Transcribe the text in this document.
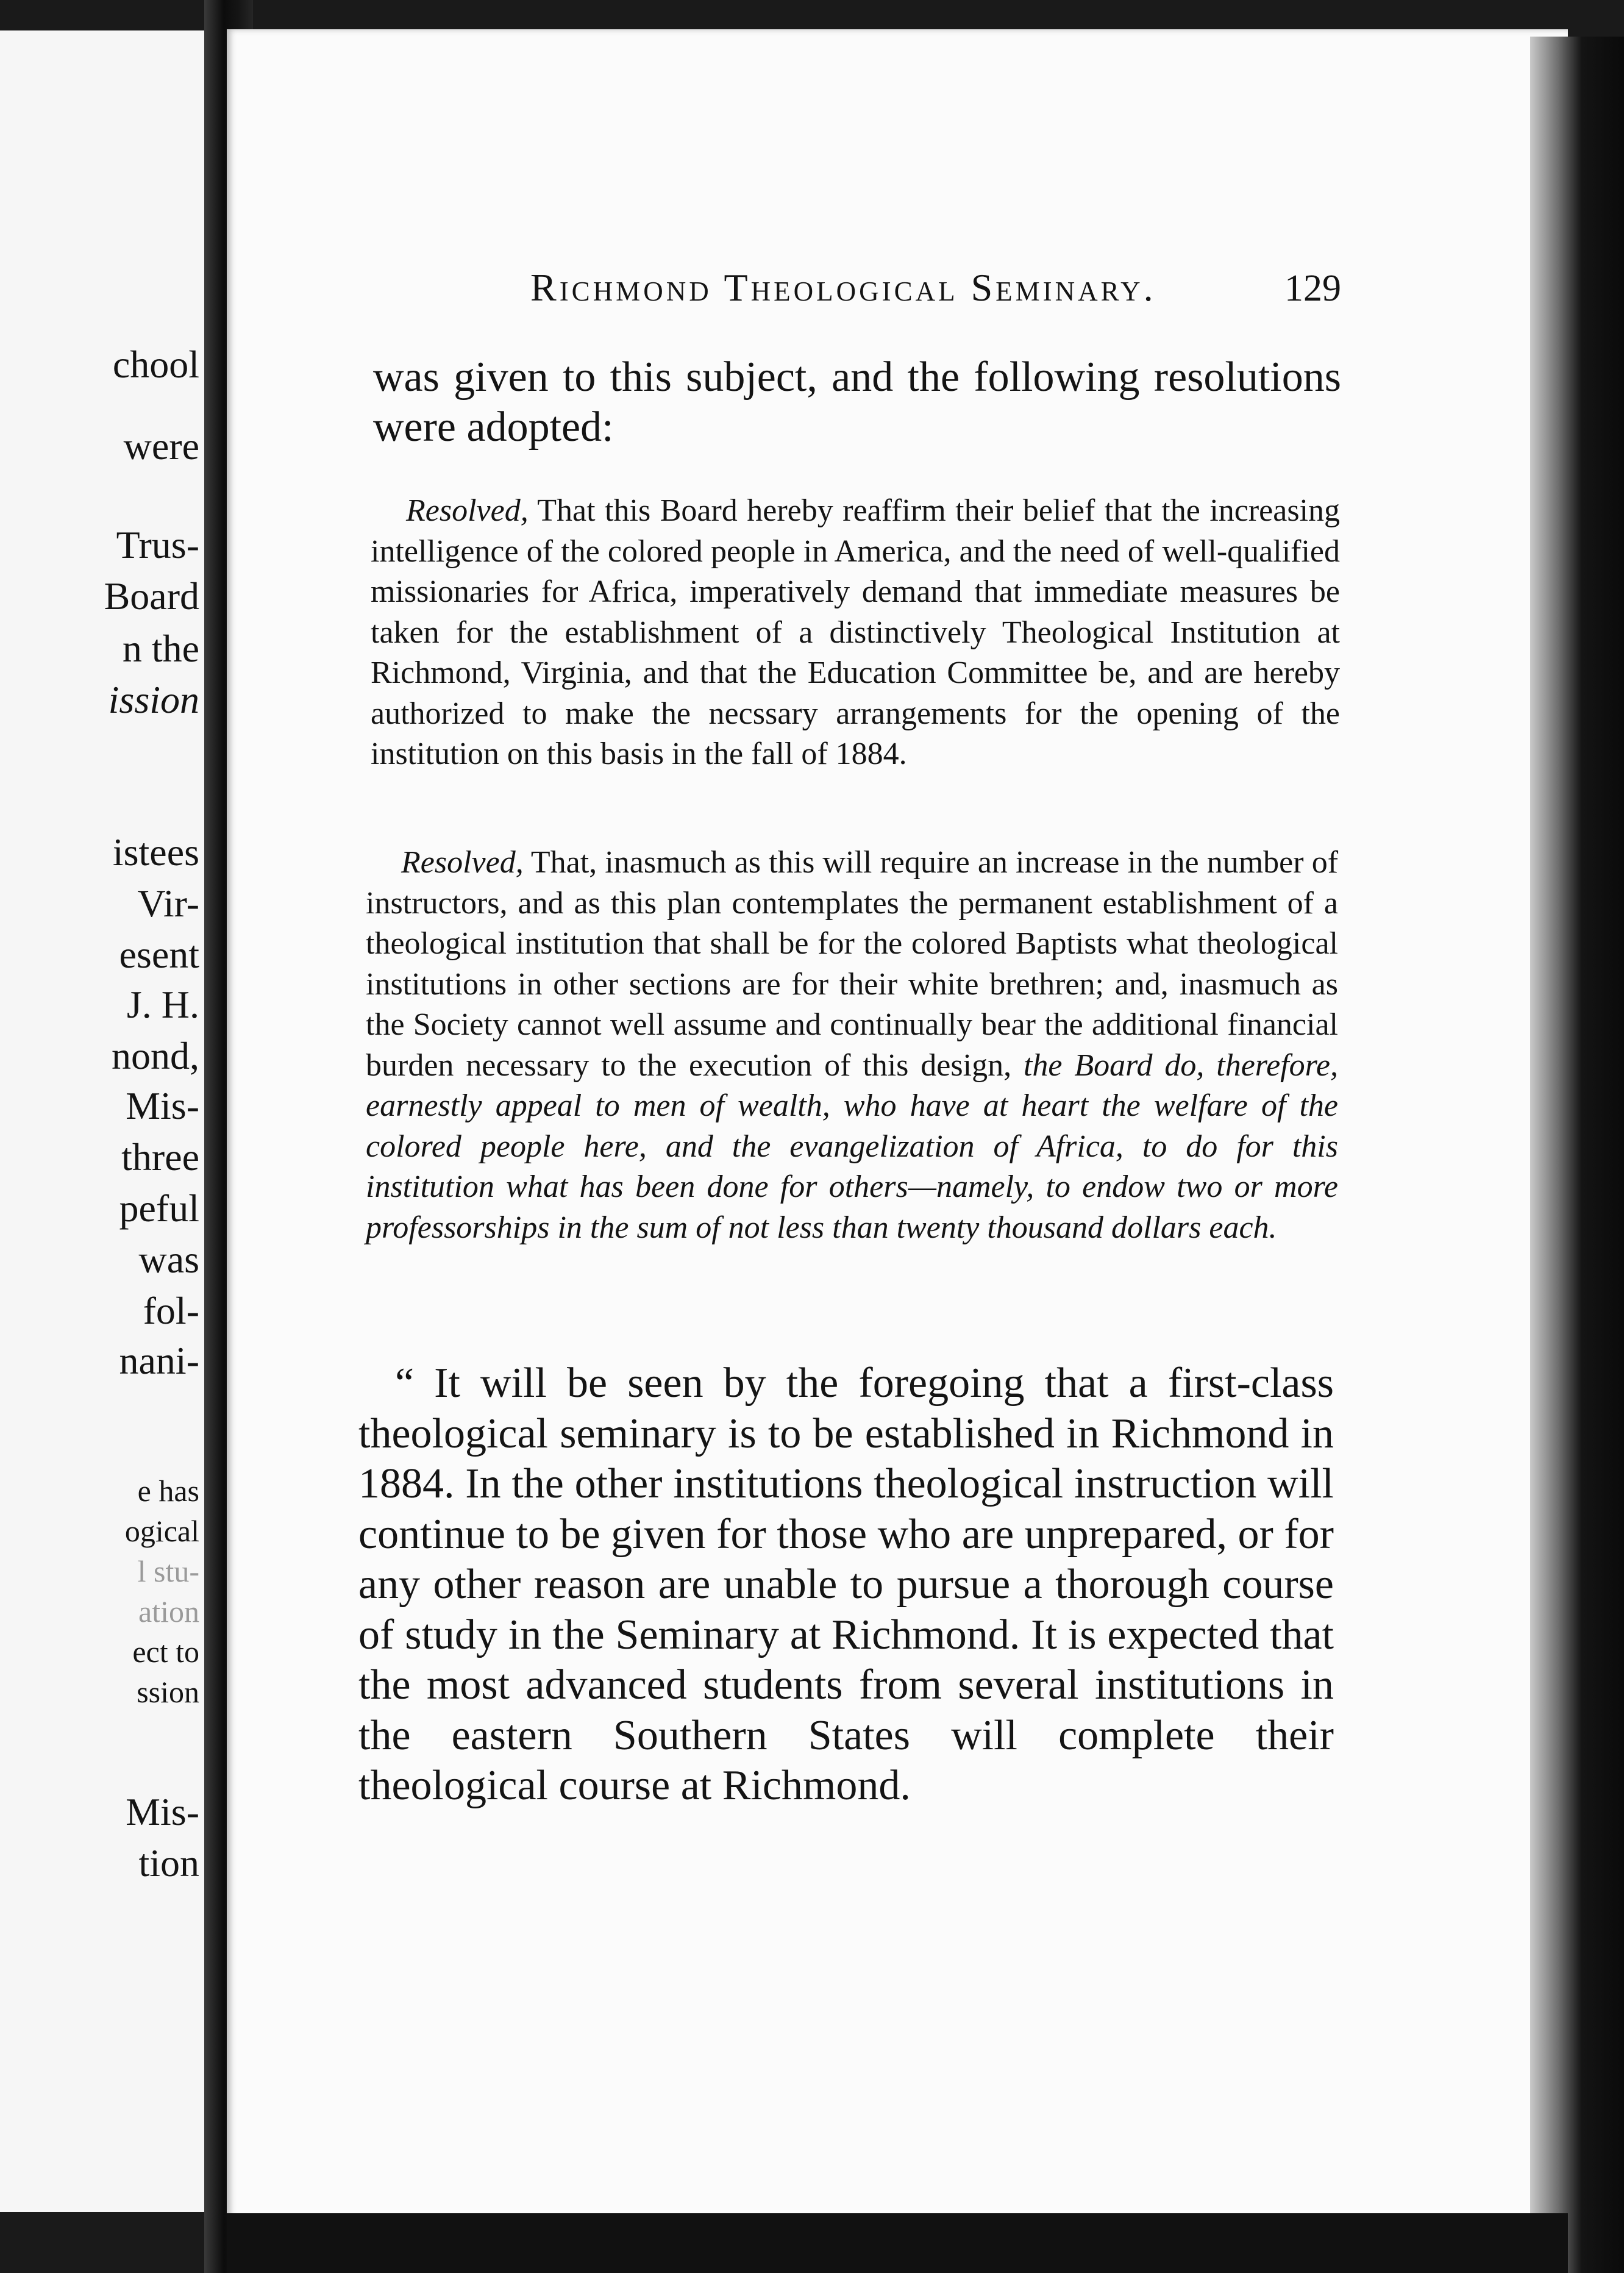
chool

were

Trus-

Board

n the

ission

istees

Vir-

esent

J. H.

nond,

Mis-

three

peful

was

fol-

nani-

e has

ogical

l stu-

ation

ect to

ssion

Mis-

tion

Richmond Theological Seminary.	129

was given to this subject, and the following resolutions were adopted:

Resolved, That this Board hereby reaffirm their belief that the increasing intelligence of the colored people in America, and the need of well-qualified missionaries for Africa, imperatively demand that immediate measures be taken for the establishment of a distinctively Theological Institution at Richmond, Virginia, and that the Education Committee be, and are hereby authorized to make the necssary arrangements for the opening of the institution on this basis in the fall of 1884.

Resolved, That, inasmuch as this will require an increase in the number of instructors, and as this plan contemplates the permanent establishment of a theological institution that shall be for the colored Baptists what theological institutions in other sections are for their white brethren; and, inasmuch as the Society cannot well assume and continually bear the additional financial burden necessary to the execution of this design, the Board do, therefore, earnestly appeal to men of wealth, who have at heart the welfare of the colored people here, and the evangelization of Africa, to do for this institution what has been done for others—namely, to endow two or more professorships in the sum of not less than twenty thousand dollars each.

“ It will be seen by the foregoing that a first-class theological seminary is to be established in Richmond in 1884. In the other institutions theological instruction will continue to be given for those who are unprepared, or for any other reason are unable to pursue a thorough course of study in the Seminary at Richmond. It is expected that the most advanced students from several institutions in the eastern Southern States will complete their theological course at Richmond.
